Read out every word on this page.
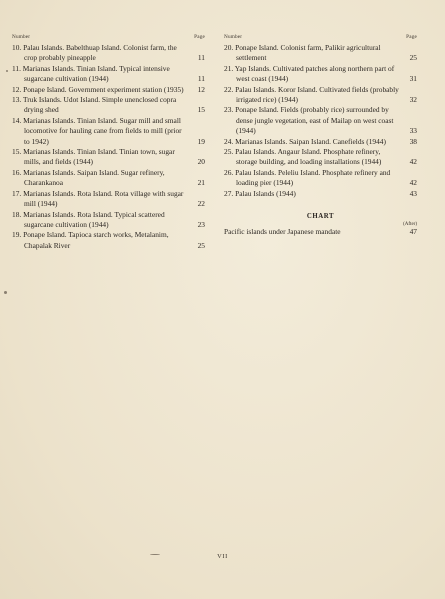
Number	Page
10. Palau Islands. Babelthuap Island. Colonist farm, the crop probably pineapple	11
11. Marianas Islands. Tinian Island. Typical intensive sugarcane cultivation (1944)	11
12. Ponape Island. Government experiment station (1935) 12
13. Truk Islands. Udot Island. Simple unenclosed copra drying shed	15
14. Marianas Islands. Tinian Island. Sugar mill and small locomotive for hauling cane from fields to mill (prior to 1942)	19
15. Marianas Islands. Tinian Island. Tinian town, sugar mills, and fields (1944)	20
16. Marianas Islands. Saipan Island. Sugar refinery, Charankanoa	21
17. Marianas Islands. Rota Island. Rota village with sugar mill (1944)	22
18. Marianas Islands. Rota Island. Typical scattered sugarcane cultivation (1944)	23
19. Ponape Island. Tapioca starch works, Metalanim, Chapalak River	25
Number	Page
20. Ponape Island. Colonist farm, Palikir agricultural settlement	25
21. Yap Islands. Cultivated patches along northern part of west coast (1944)	31
22. Palau Islands. Koror Island. Cultivated fields (probably irrigated rice) (1944)	32
23. Ponape Island. Fields (probably rice) surrounded by dense jungle vegetation, east of Mailap on west coast (1944)	33
24. Marianas Islands. Saipan Island. Canefields (1944)	38
25. Palau Islands. Angaur Island. Phosphate refinery, storage building, and loading installations (1944)	42
26. Palau Islands. Peleliu Island. Phosphate refinery and loading pier (1944)	42
27. Palau Islands (1944)	43
CHART
(After)
Pacific islands under Japanese mandate	47
VII
